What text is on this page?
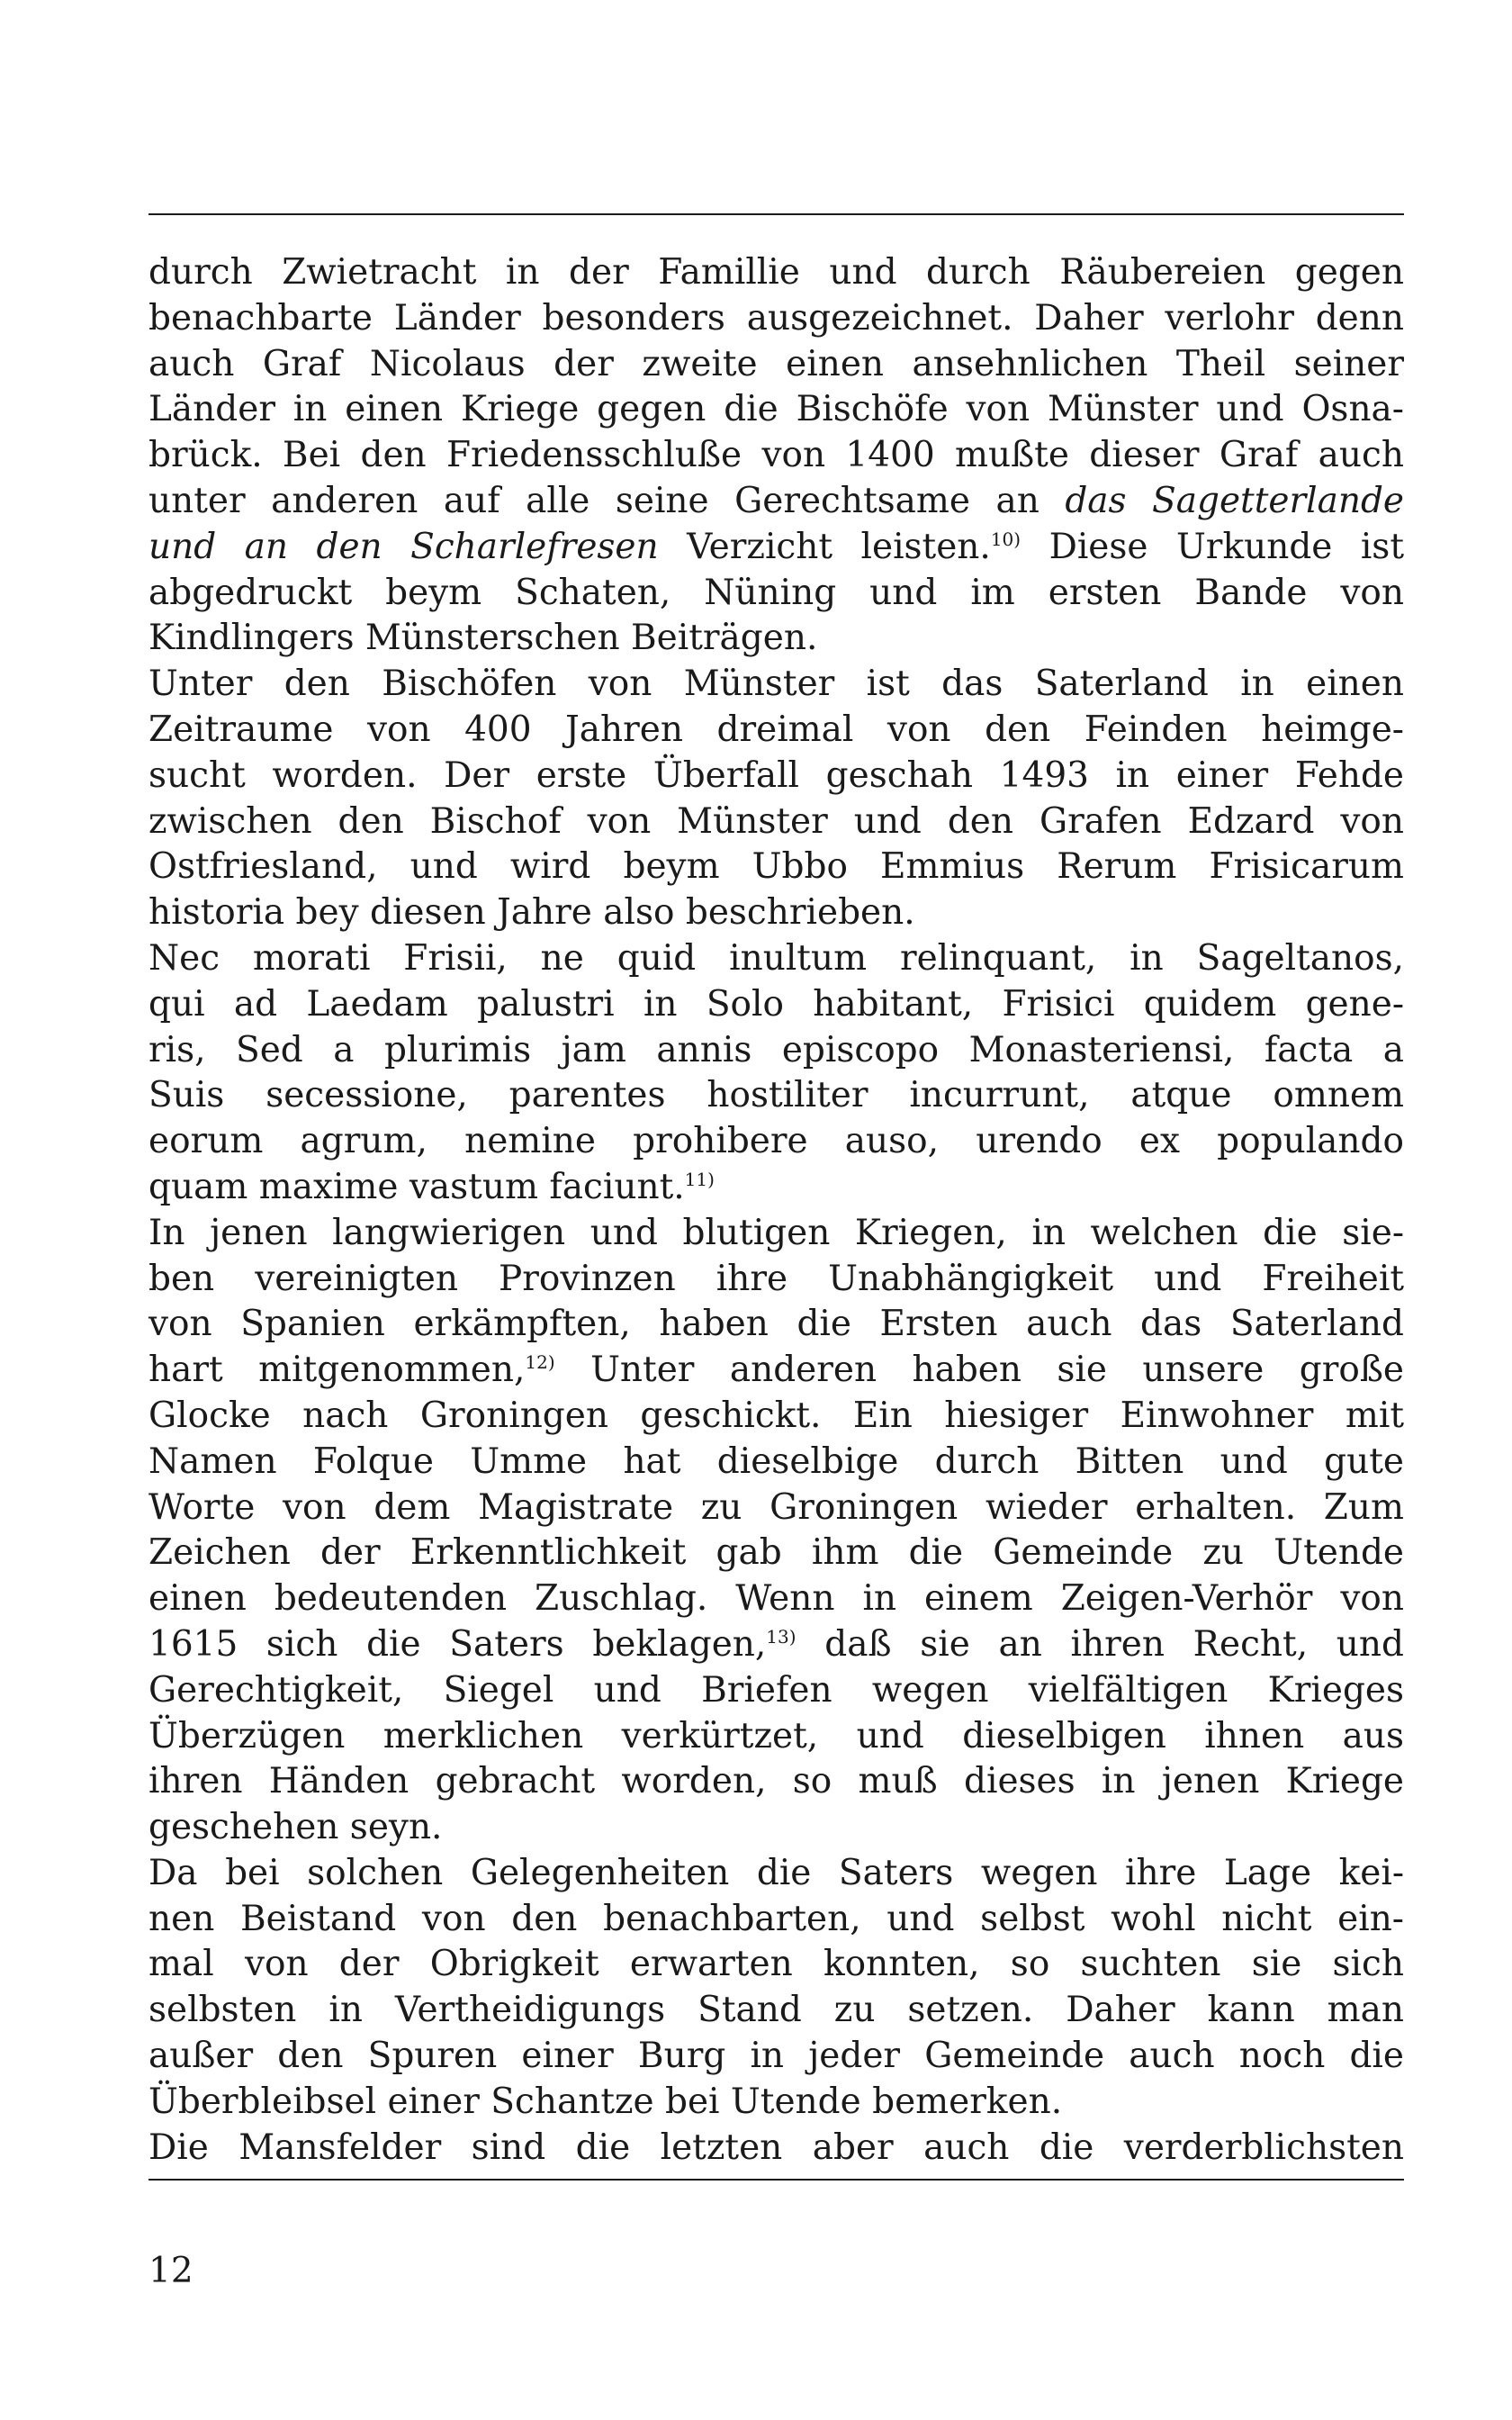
durch Zwietracht in der Famillie und durch Räubereien gegen
benachbarte Länder besonders ausgezeichnet. Daher verlohr denn
auch Graf Nicolaus der zweite einen ansehnlichen Theil seiner
Länder in einen Kriege gegen die Bischöfe von Münster und Osna-
brück. Bei den Friedensschluße von 1400 mußte dieser Graf auch
unter anderen auf alle seine Gerechtsame an das Sagetterlande
und an den Scharlefresen Verzicht leisten.$^{10)}$ Diese Urkunde ist
abgedruckt beym Schaten, Nüning und im ersten Bande von
Kindlingers Münsterschen Beiträgen.
Unter den Bischöfen von Münster ist das Saterland in einen
Zeitraume von 400 Jahren dreimal von den Feinden heimge-
sucht worden. Der erste Überfall geschah 1493 in einer Fehde
zwischen den Bischof von Münster und den Grafen Edzard von
Ostfriesland, und wird beym Ubbo Emmius Rerum Frisicarum
historia bey diesen Jahre also beschrieben.
Nec morati Frisii, ne quid inultum relinquant, in Sageltanos,
qui ad Laedam palustri in Solo habitant, Frisici quidem gene-
ris, Sed a plurimis jam annis episcopo Monasteriensi, facta a
Suis secessione, parentes hostiliter incurrunt, atque omnem
eorum agrum, nemine prohibere auso, urendo ex populando
quam maxime vastum faciunt.$^{11)}$
In jenen langwierigen und blutigen Kriegen, in welchen die sie-
ben vereinigten Provinzen ihre Unabhängigkeit und Freiheit
von Spanien erkämpften, haben die Ersten auch das Saterland
hart mitgenommen,$^{12)}$ Unter anderen haben sie unsere große
Glocke nach Groningen geschickt. Ein hiesiger Einwohner mit
Namen Folque Umme hat dieselbige durch Bitten und gute
Worte von dem Magistrate zu Groningen wieder erhalten. Zum
Zeichen der Erkenntlichkeit gab ihm die Gemeinde zu Utende
einen bedeutenden Zuschlag. Wenn in einem Zeigen-Verhör von
1615 sich die Saters beklagen,$^{13)}$ daß sie an ihren Recht, und
Gerechtigkeit, Siegel und Briefen wegen vielfältigen Krieges
Überzügen merklichen verkürtzet, und dieselbigen ihnen aus
ihren Händen gebracht worden, so muß dieses in jenen Kriege
geschehen seyn.
Da bei solchen Gelegenheiten die Saters wegen ihre Lage kei-
nen Beistand von den benachbarten, und selbst wohl nicht ein-
mal von der Obrigkeit erwarten konnten, so suchten sie sich
selbsten in Vertheidigungs Stand zu setzen. Daher kann man
außer den Spuren einer Burg in jeder Gemeinde auch noch die
Überbleibsel einer Schantze bei Utende bemerken.
Die Mansfelder sind die letzten aber auch die verderblichsten
12
